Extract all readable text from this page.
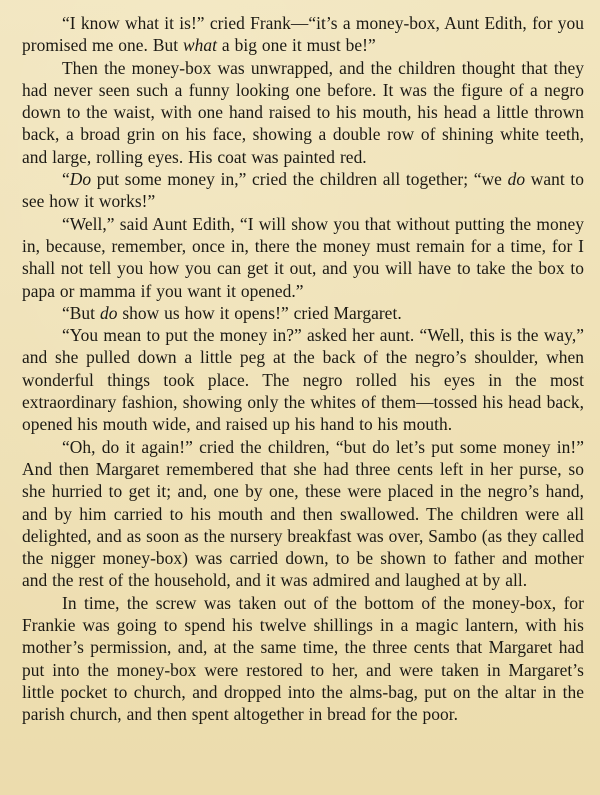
“I know what it is!” cried Frank—“it’s a money-box, Aunt Edith, for you promised me one. But what a big one it must be!”

Then the money-box was unwrapped, and the children thought that they had never seen such a funny looking one before. It was the figure of a negro down to the waist, with one hand raised to his mouth, his head a little thrown back, a broad grin on his face, showing a double row of shining white teeth, and large, rolling eyes. His coat was painted red.

“Do put some money in,” cried the children all together; “we do want to see how it works!”

“Well,” said Aunt Edith, “I will show you that without putting the money in, because, remember, once in, there the money must remain for a time, for I shall not tell you how you can get it out, and you will have to take the box to papa or mamma if you want it opened.”

“But do show us how it opens!” cried Margaret.

“You mean to put the money in?” asked her aunt. “Well, this is the way,” and she pulled down a little peg at the back of the negro’s shoulder, when wonderful things took place. The negro rolled his eyes in the most extraordinary fashion, showing only the whites of them—tossed his head back, opened his mouth wide, and raised up his hand to his mouth.

“Oh, do it again!” cried the children, “but do let’s put some money in!” And then Margaret remembered that she had three cents left in her purse, so she hurried to get it; and, one by one, these were placed in the negro’s hand, and by him carried to his mouth and then swallowed. The children were all delighted, and as soon as the nursery breakfast was over, Sambo (as they called the nigger money-box) was carried down, to be shown to father and mother and the rest of the household, and it was admired and laughed at by all.

In time, the screw was taken out of the bottom of the money-box, for Frankie was going to spend his twelve shillings in a magic lantern, with his mother’s permission, and, at the same time, the three cents that Margaret had put into the money-box were restored to her, and were taken in Margaret’s little pocket to church, and dropped into the alms-bag, put on the altar in the parish church, and then spent altogether in bread for the poor.
